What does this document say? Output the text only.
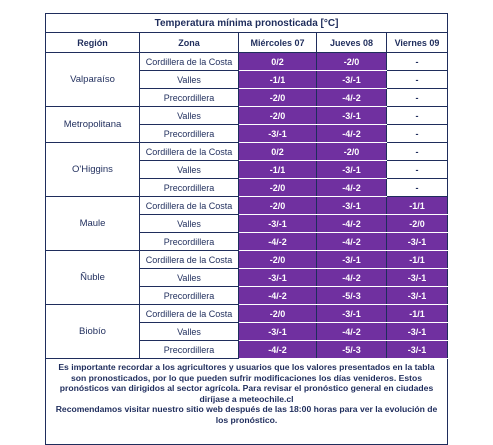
Temperatura mínima pronosticada [°C]				
Región	Zona	Miércoles 07	Jueves 08	Viernes 09
Valparaíso	Cordillera de la Costa	0/2	-2/0	-
	Valles	-1/1	-3/-1	-
	Precordillera	-2/0	-4/-2	-
Metropolitana	Valles	-2/0	-3/-1	-
	Precordillera	-3/-1	-4/-2	-
O'Higgins	Cordillera de la Costa	0/2	-2/0	-
	Valles	-1/1	-3/-1	-
	Precordillera	-2/0	-4/-2	-
Maule	Cordillera de la Costa	-2/0	-3/-1	-1/1
	Valles	-3/-1	-4/-2	-2/0
	Precordillera	-4/-2	-4/-2	-3/-1
Ñuble	Cordillera de la Costa	-2/0	-3/-1	-1/1
	Valles	-3/-1	-4/-2	-3/-1
	Precordillera	-4/-2	-5/-3	-3/-1
Biobío	Cordillera de la Costa	-2/0	-3/-1	-1/1
	Valles	-3/-1	-4/-2	-3/-1
	Precordillera	-4/-2	-5/-3	-3/-1

Es importante recordar a los agricultores y usuarios que los valores presentados en la tabla son pronosticados, por lo que pueden sufrir modificaciones los días venideros. Estos pronósticos van dirigidos al sector agrícola. Para revisar el pronóstico general en ciudades diríjase a meteochile.cl
Recomendamos visitar nuestro sitio web después de las 18:00 horas para ver la evolución de los pronóstico.				
